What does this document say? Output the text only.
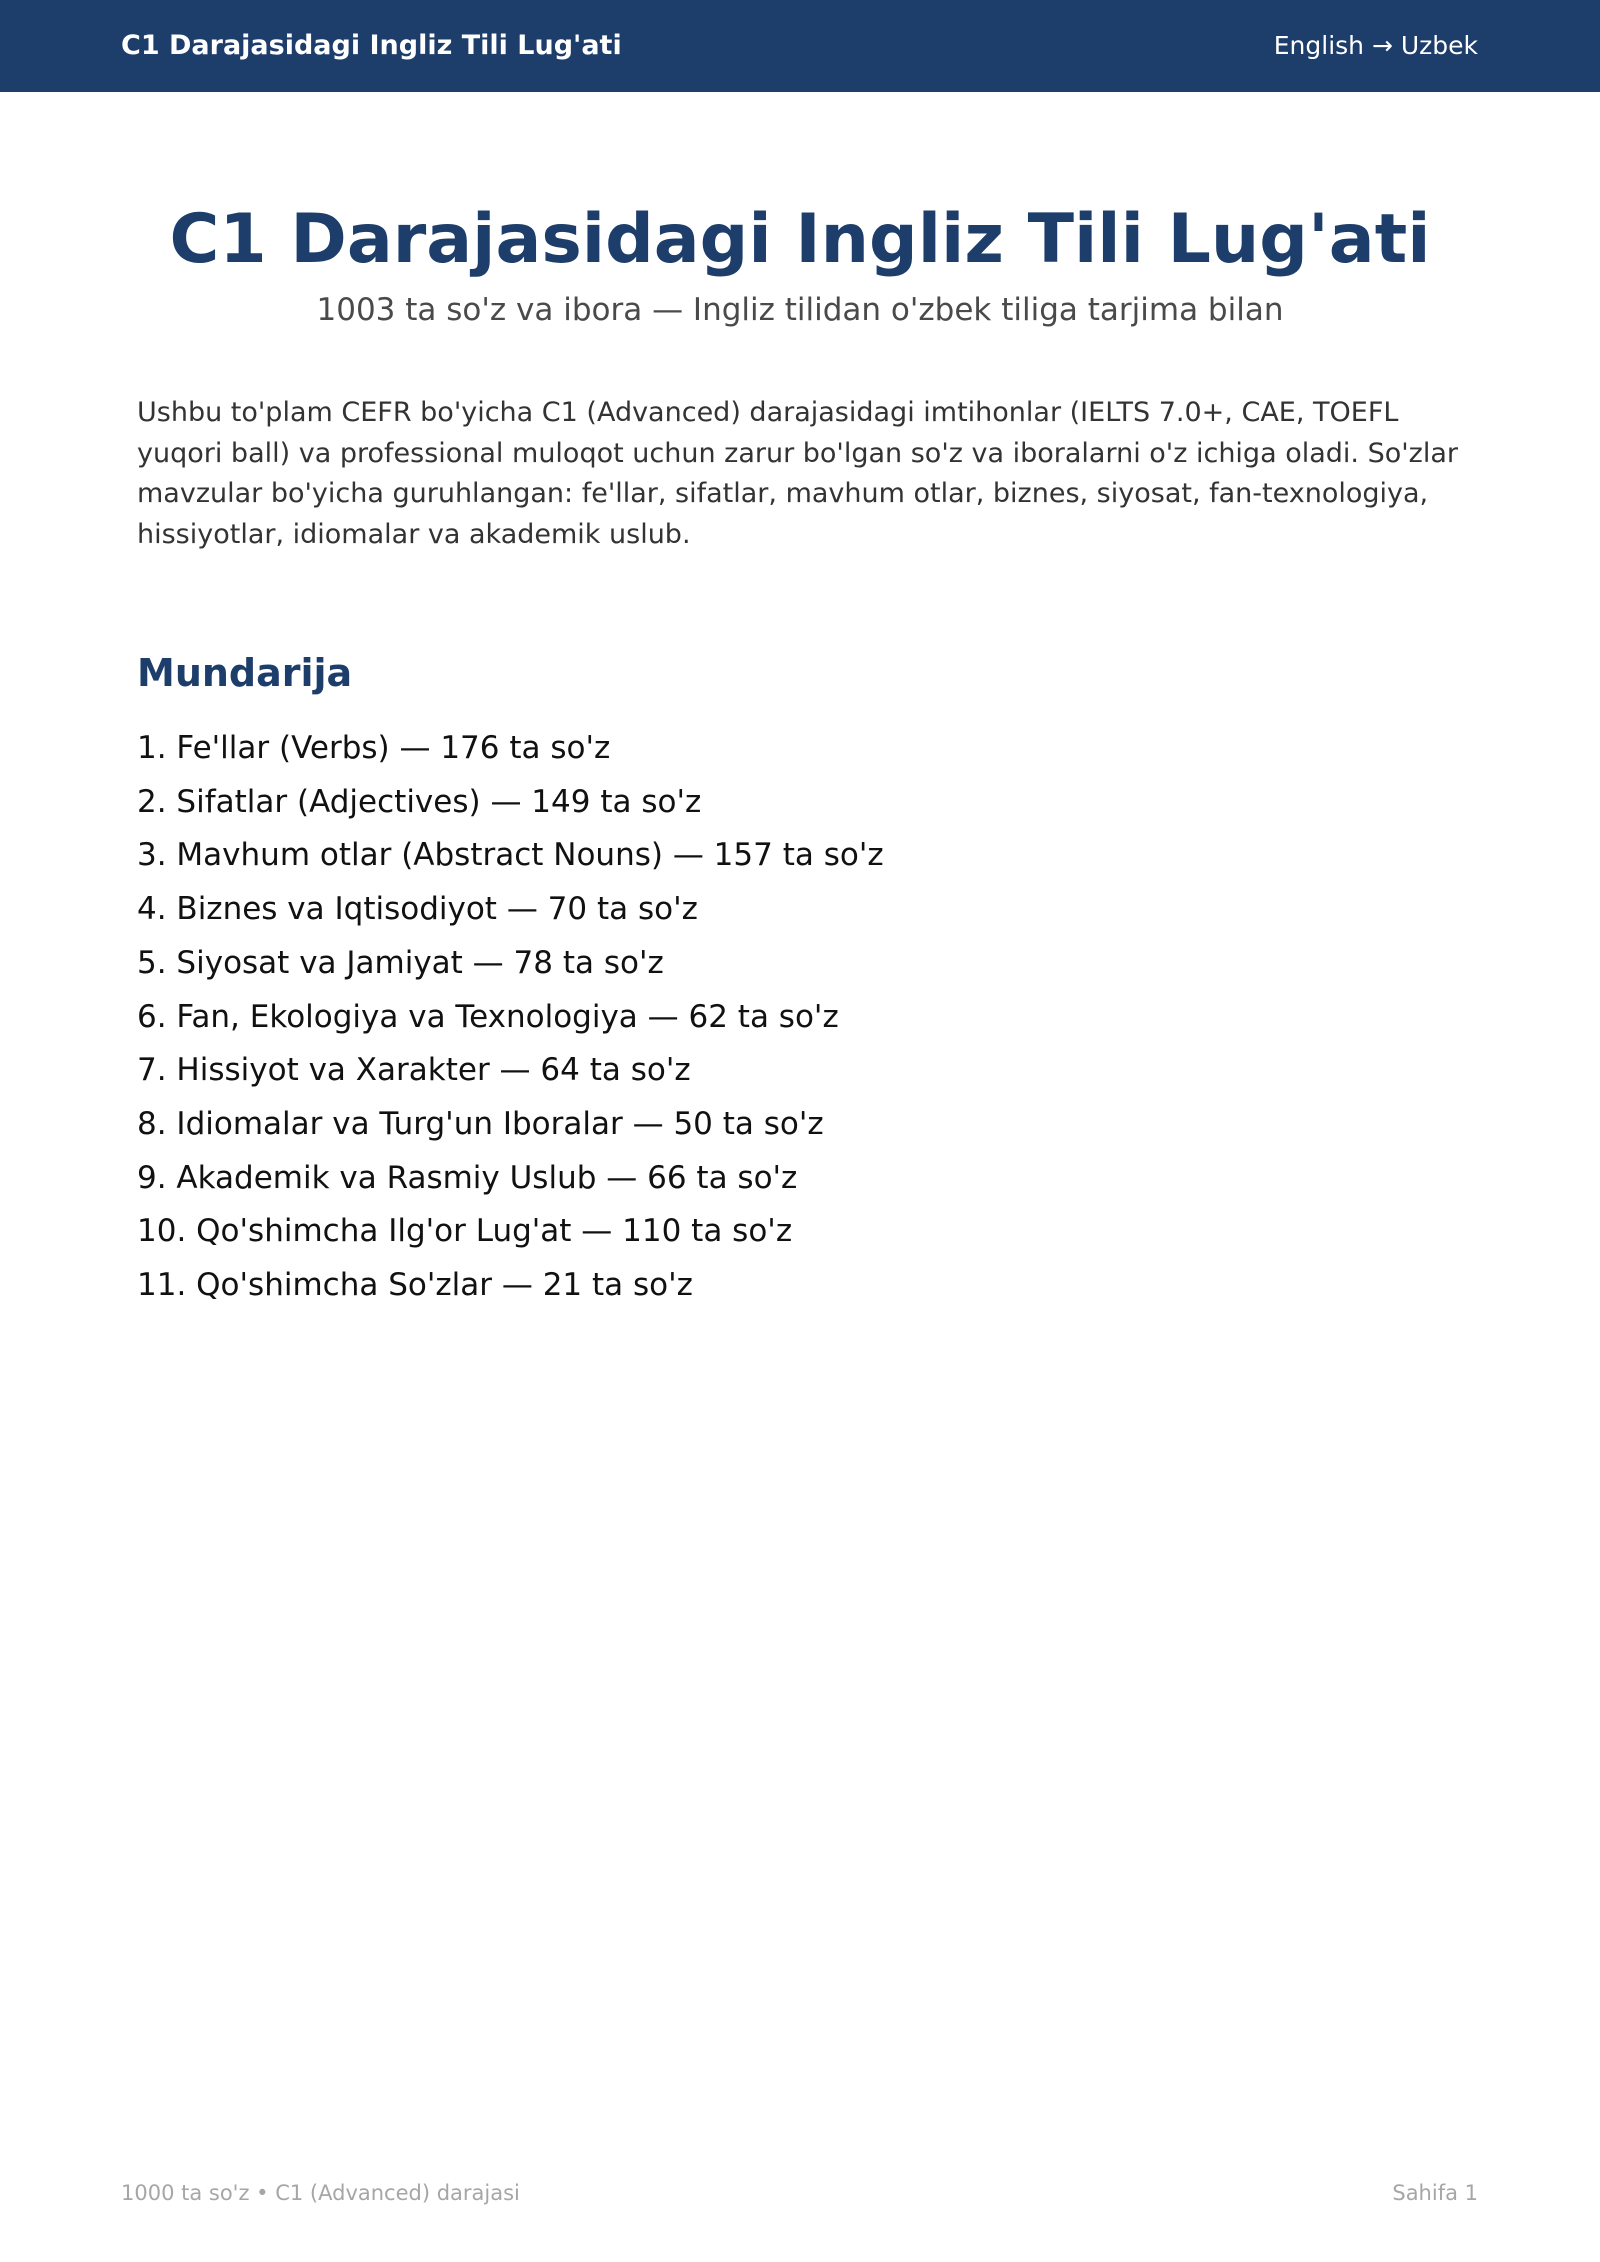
C1 Darajasidagi Ingliz Tili Lug'ati	English → Uzbek
C1 Darajasidagi Ingliz Tili Lug'ati
1003 ta so'z va ibora — Ingliz tilidan o'zbek tiliga tarjima bilan

Ushbu to'plam CEFR bo'yicha C1 (Advanced) darajasidagi imtihonlar (IELTS 7.0+, CAE, TOEFL yuqori ball) va professional muloqot uchun zarur bo'lgan so'z va iboralarni o'z ichiga oladi. So'zlar mavzular bo'yicha guruhlangan: fe'llar, sifatlar, mavhum otlar, biznes, siyosat, fan-texnologiya, hissiyotlar, idiomalar va akademik uslub.

Mundarija
1. Fe'llar (Verbs) — 176 ta so'z
2. Sifatlar (Adjectives) — 149 ta so'z
3. Mavhum otlar (Abstract Nouns) — 157 ta so'z
4. Biznes va Iqtisodiyot — 70 ta so'z
5. Siyosat va Jamiyat — 78 ta so'z
6. Fan, Ekologiya va Texnologiya — 62 ta so'z
7. Hissiyot va Xarakter — 64 ta so'z
8. Idiomalar va Turg'un Iboralar — 50 ta so'z
9. Akademik va Rasmiy Uslub — 66 ta so'z
10. Qo'shimcha Ilg'or Lug'at — 110 ta so'z
11. Qo'shimcha So'zlar — 21 ta so'z
1000 ta so'z • C1 (Advanced) darajasi	Sahifa 1
